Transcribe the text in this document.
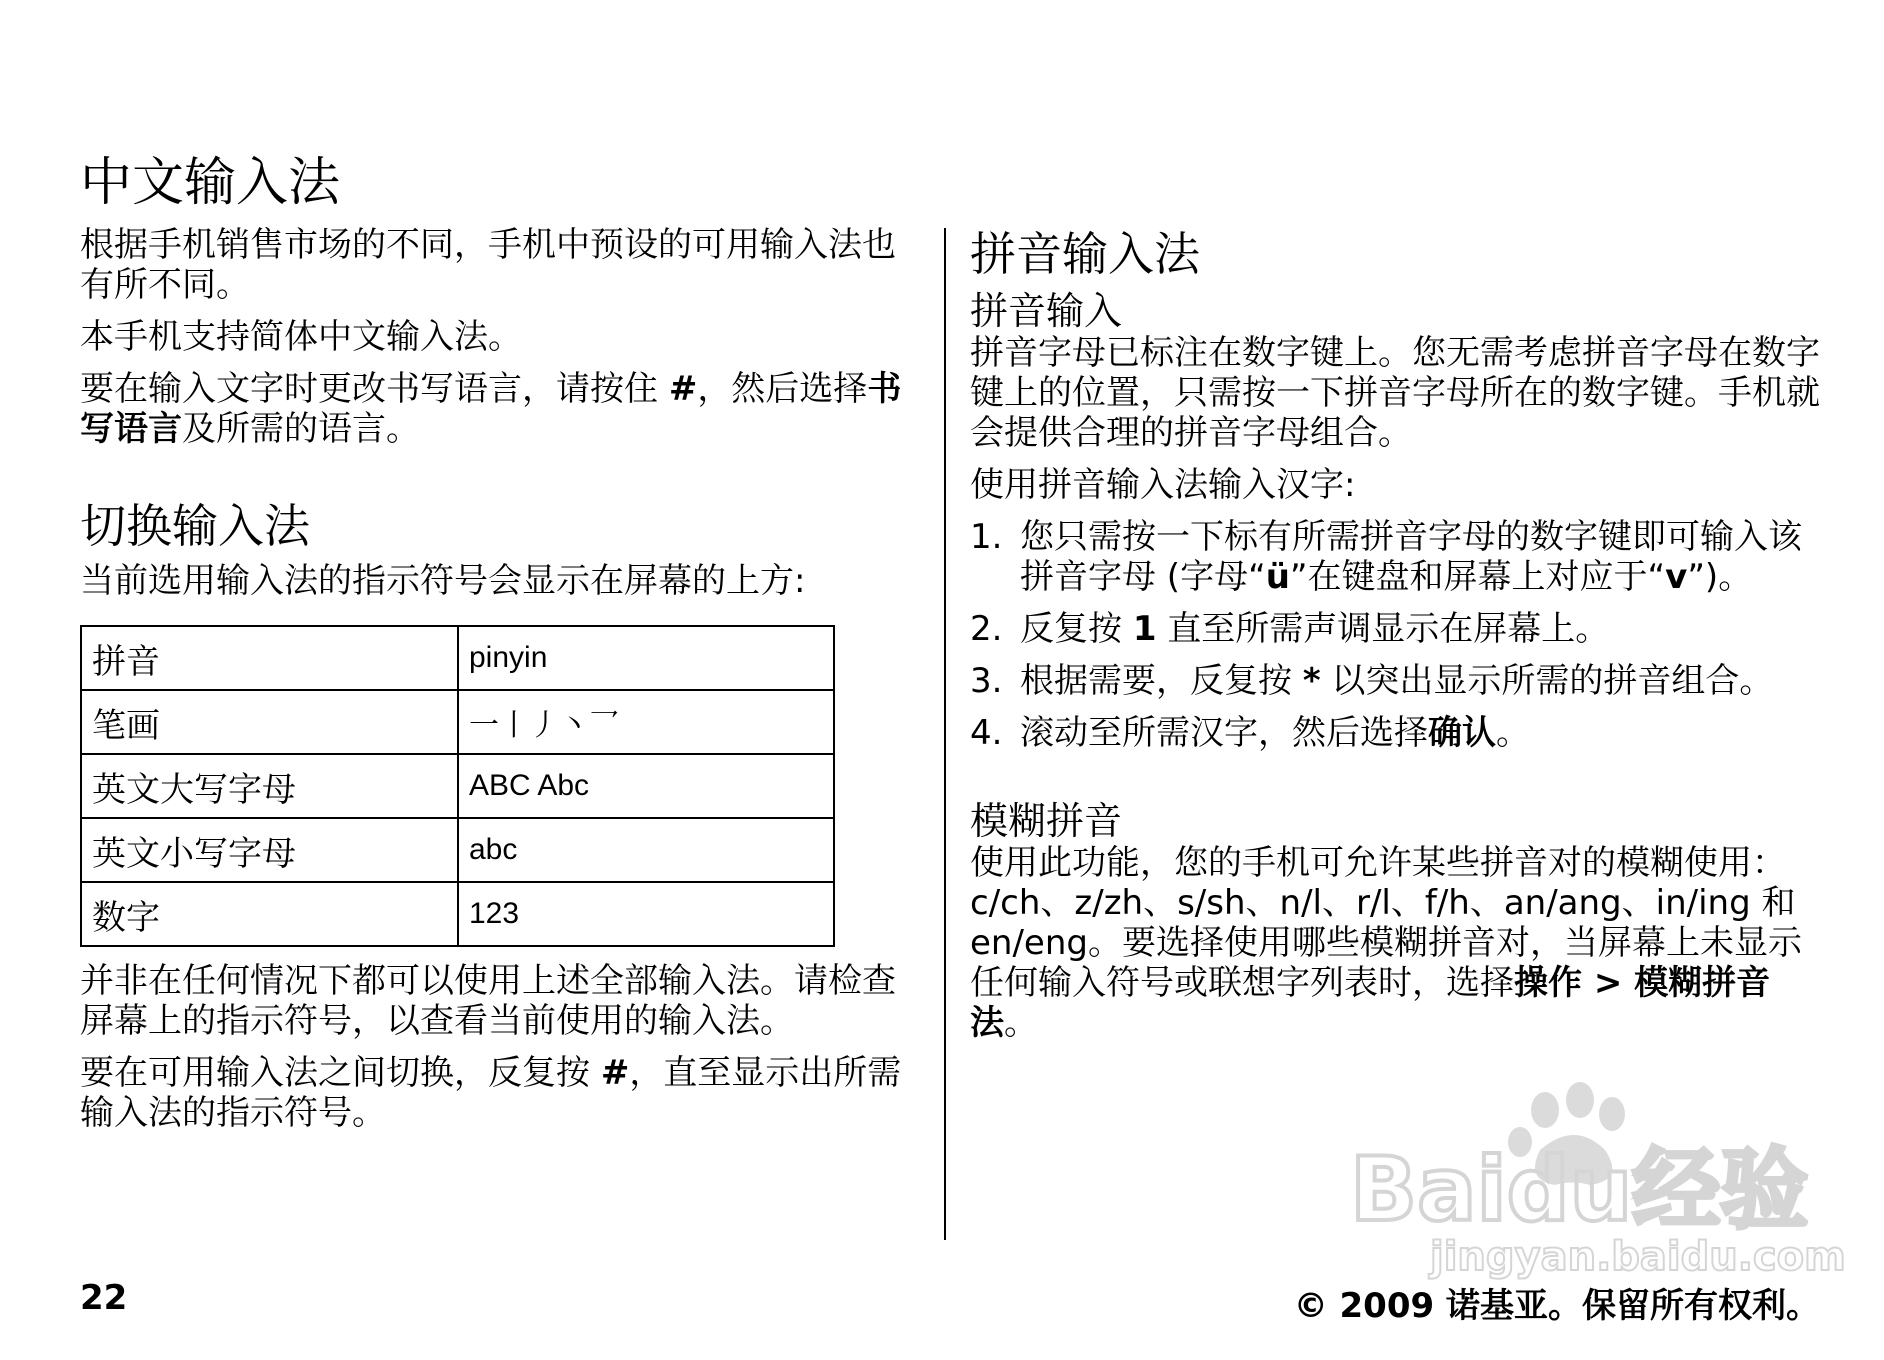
中文输入法

根据手机销售市场的不同，手机中预设的可用输入法也有所不同。

本手机支持简体中文输入法。

要在输入文字时更改书写语言，请按住 #，然后选择书写语言及所需的语言。

切换输入法

当前选用输入法的指示符号会显示在屏幕的上方:

拼音	pinyin
笔画	一丨丿丶乛
英文大写字母	ABC Abc
英文小写字母	abc
数字	123

并非在任何情况下都可以使用上述全部输入法。请检查屏幕上的指示符号，以查看当前使用的输入法。

要在可用输入法之间切换，反复按 #，直至显示出所需输入法的指示符号。

拼音输入法
拼音输入

拼音字母已标注在数字键上。您无需考虑拼音字母在数字键上的位置，只需按一下拼音字母所在的数字键。手机就会提供合理的拼音字母组合。

使用拼音输入法输入汉字:

1. 您只需按一下标有所需拼音字母的数字键即可输入该拼音字母 (字母“ü”在键盘和屏幕上对应于“v”)。
2. 反复按 1 直至所需声调显示在屏幕上。
3. 根据需要，反复按 * 以突出显示所需的拼音组合。
4. 滚动至所需汉字，然后选择确认。
模糊拼音

使用此功能，您的手机可允许某些拼音对的模糊使用：c/ch、z/zh、s/sh、n/l、r/l、f/h、an/ang、in/ing 和 en/eng。要选择使用哪些模糊拼音对，当屏幕上未显示任何输入符号或联想字列表时，选择操作 > 模糊拼音法。

Baidu经验
jingyan.baidu.com
22	© 2009 诺基亚。保留所有权利。
